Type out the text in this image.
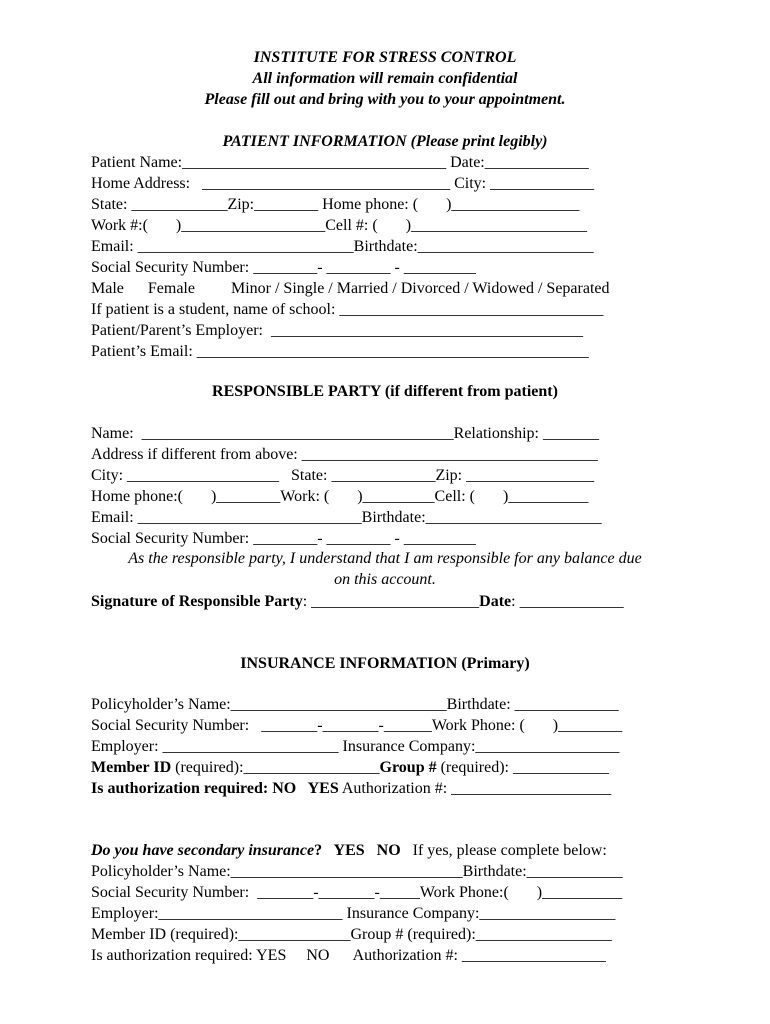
INSTITUTE FOR STRESS CONTROL
All information will remain confidential
Please fill out and bring with you to your appointment.
PATIENT INFORMATION (Please print legibly)
Patient Name:_________________________________ Date:_____________
Home Address:   _______________________________ City: _____________
State: ____________Zip:________ Home phone: (       )________________
Work #:(       )__________________Cell #: (       )______________________
Email: ___________________________Birthdate:______________________
Social Security Number: ________- ________ - _________
Male      Female         Minor / Single / Married / Divorced / Widowed / Separated
If patient is a student, name of school: _________________________________
Patient/Parent’s Employer:  _______________________________________
Patient’s Email: _________________________________________________
RESPONSIBLE PARTY (if different from patient)
Name:  _______________________________________Relationship: _______
Address if different from above: _____________________________________
City: ___________________   State: _____________Zip: ________________
Home phone:(       )________Work: (       )_________Cell: (       )__________
Email: ____________________________Birthdate:______________________
Social Security Number: ________- ________ - _________
As the responsible party, I understand that I am responsible for any balance due
on this account.
Signature of Responsible Party: _____________________Date: _____________
INSURANCE INFORMATION (Primary)
Policyholder’s Name:___________________________Birthdate: _____________
Social Security Number:   _______-_______-______Work Phone: (       )________
Employer: ______________________ Insurance Company:__________________
Member ID (required):_________________Group # (required): ____________
Is authorization required: NO   YES Authorization #: ____________________
Do you have secondary insurance?   YES   NO   If yes, please complete below:
Policyholder’s Name:_____________________________Birthdate:____________
Social Security Number:  _______-_______-_____Work Phone:(       )__________
Employer:_______________________ Insurance Company:_________________
Member ID (required):______________Group # (required):_________________
Is authorization required: YES     NO      Authorization #: __________________
